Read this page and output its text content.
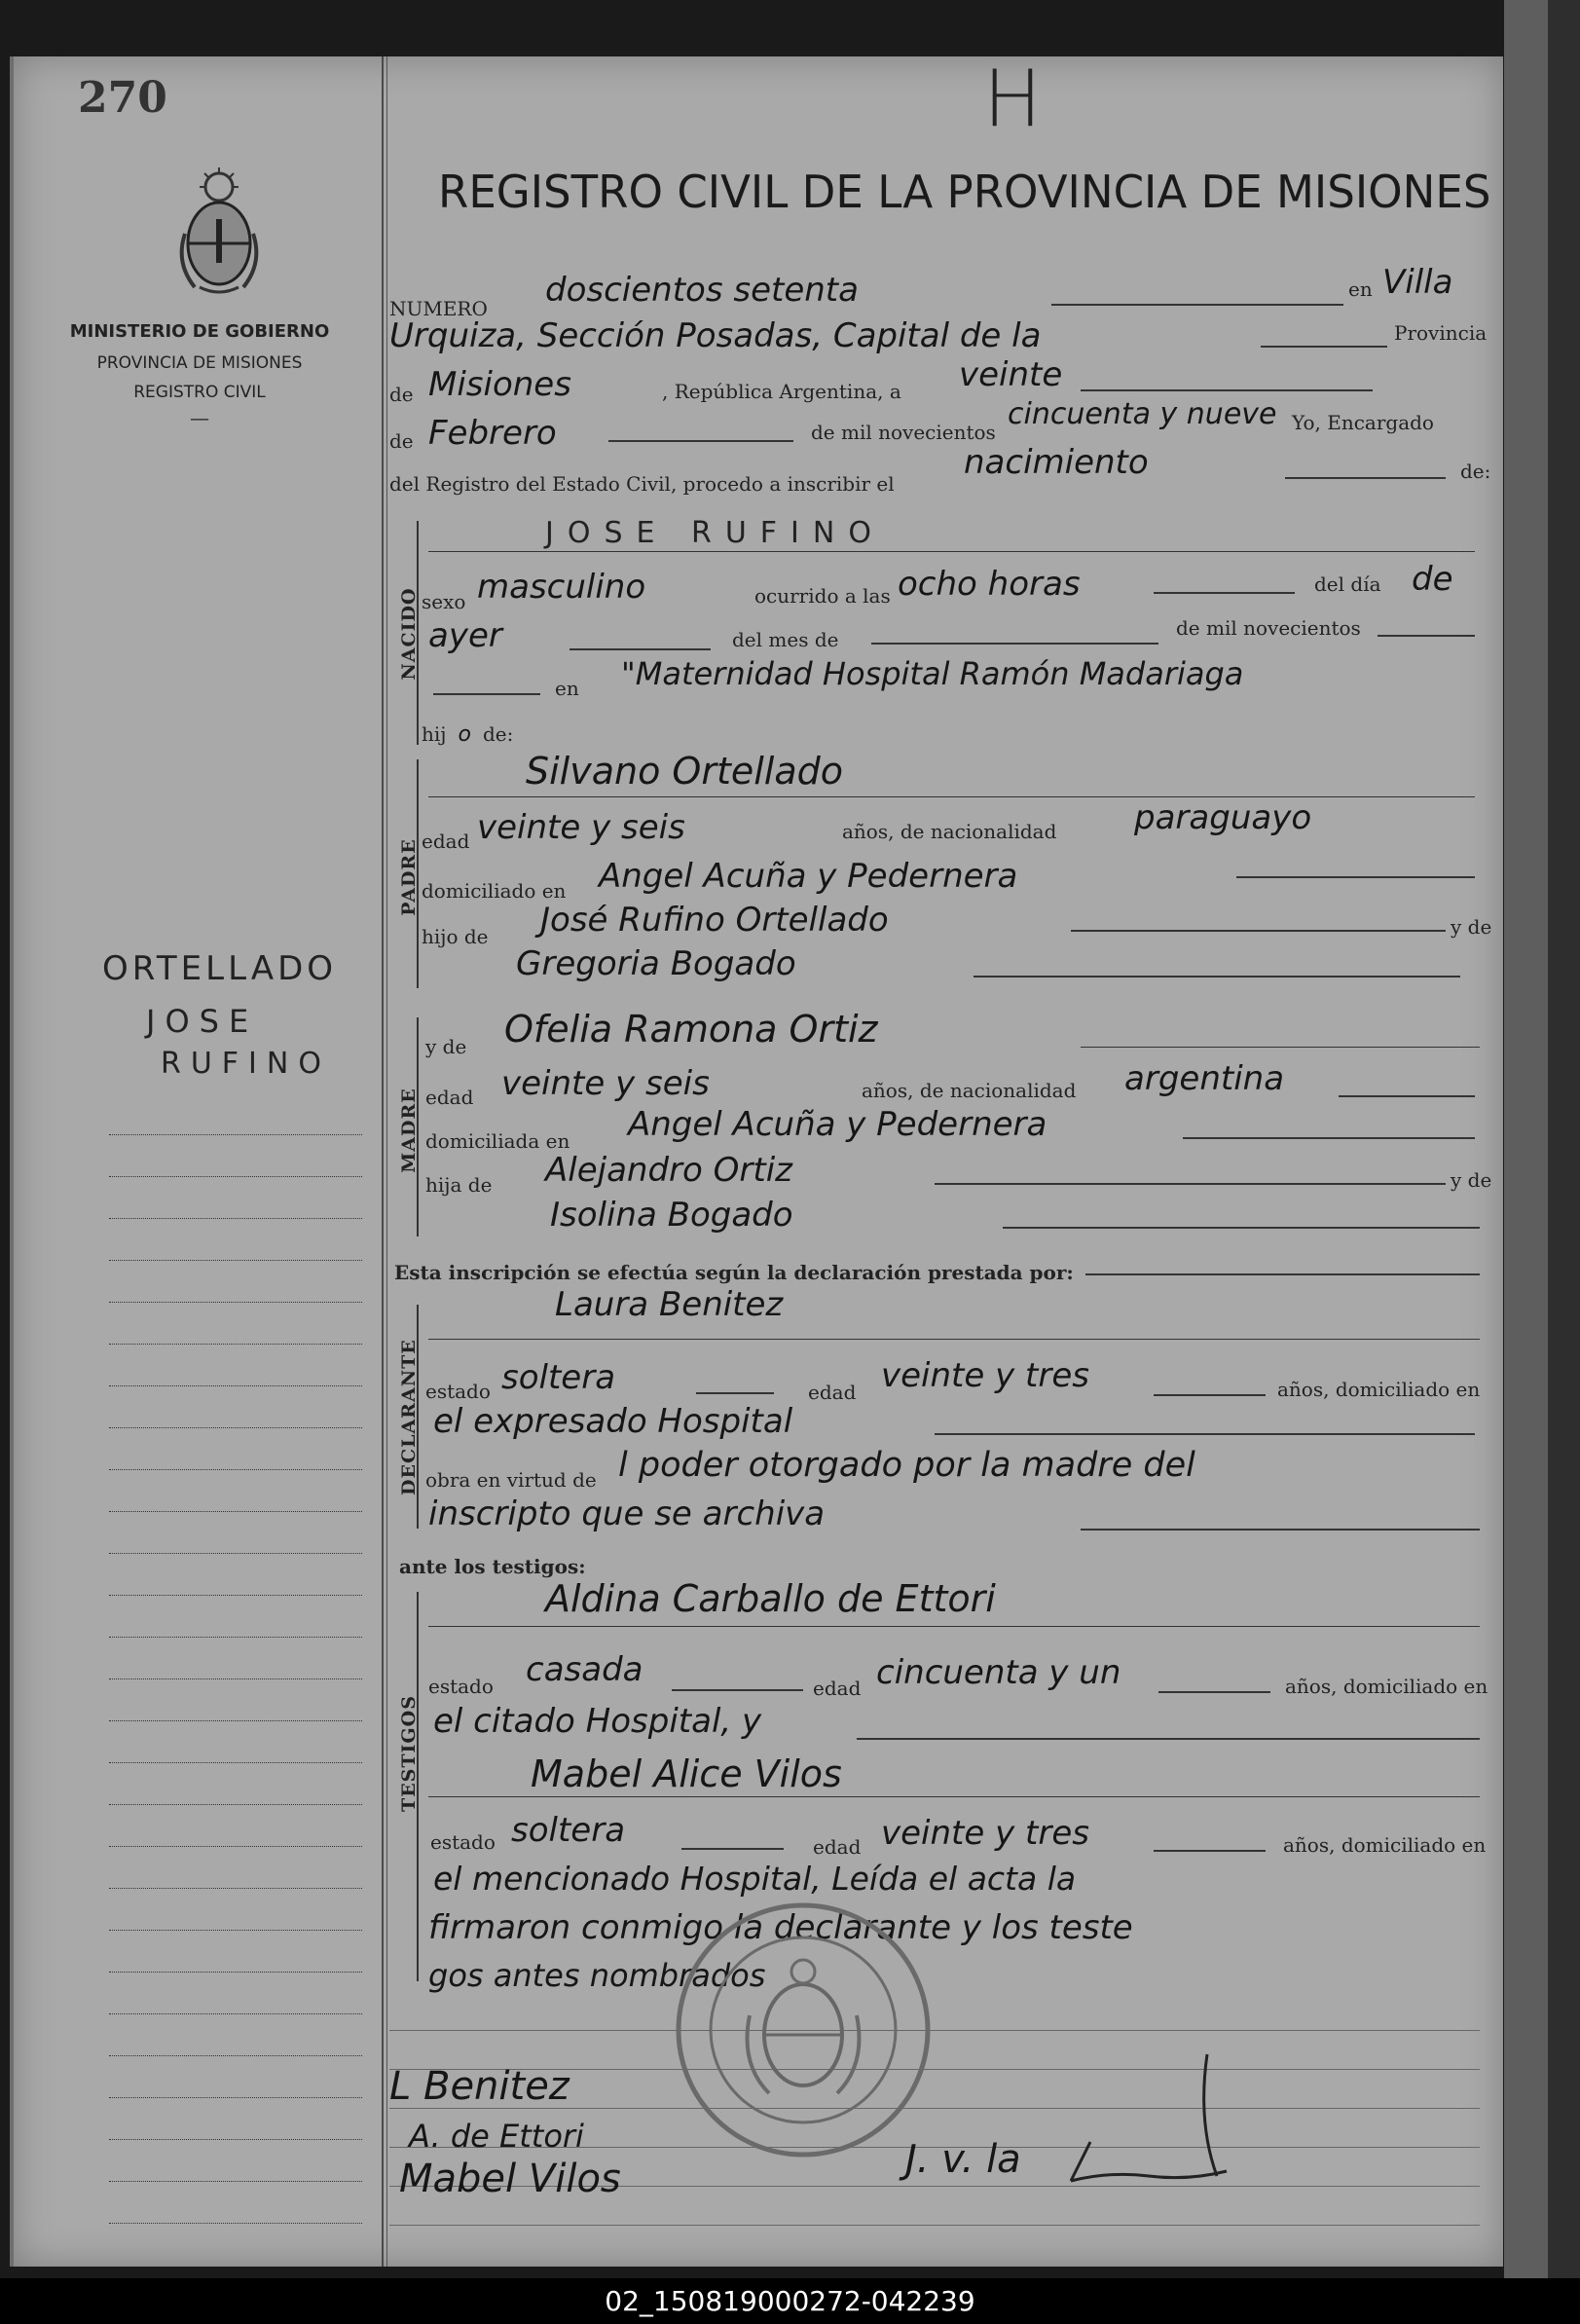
270	H
MINISTERIO DE GOBIERNO
PROVINCIA DE MISIONES
REGISTRO CIVIL
—
REGISTRO CIVIL DE LA PROVINCIA DE MISIONES
ORTELLADO
JOSE
RUFINO
NUMERO doscientos setenta	en Villa
Urquiza, Sección Posadas, Capital de la	Provincia
de Misiones	, República Argentina, a veinte
de Febrero	de mil novecientos
cincuenta y nueve Yo, Encargado
del Registro del Estado Civil, procedo a inscribir el
nacimiento	de:
NACIDO
JOSE RUFINO
sexo masculino	ocurrido a las ocho horas	del día de
ayer	del mes de	de mil novecientos
en "Maternidad Hospital Ramón Madariaga
hij o de:
PADRE
Silvano Ortellado
edad veinte y seis	años, de nacionalidad paraguayo
domiciliado en Angel Acuña y Pedernera
hijo de José Rufino Ortellado	y de
Gregoria Bogado
MADRE
y de Ofelia Ramona Ortiz
edad veinte y seis	años, de nacionalidad argentina
domiciliada en Angel Acuña y Pedernera
hija de Alejandro Ortiz	y de
Isolina Bogado
Esta inscripción se efectúa según la declaración prestada por:
DECLARANTE
Laura Benitez
estado soltera	edad veinte y tres	años, domiciliado en
el expresado Hospital
obra en virtud de l poder otorgado por la madre del
inscripto que se archiva
ante los testigos:
TESTIGOS
Aldina Carballo de Ettori
estado casada	edad cincuenta y un	años, domiciliado en
el citado Hospital, y
Mabel Alice Vilos
estado soltera	edad veinte y tres	años, domiciliado en
el mencionado Hospital, Leída el acta la
firmaron conmigo la declarante y los teste
gos antes nombrados
L Benitez
A. de Ettori
Mabel Vilos	J. v. la
02_150819000272-042239
